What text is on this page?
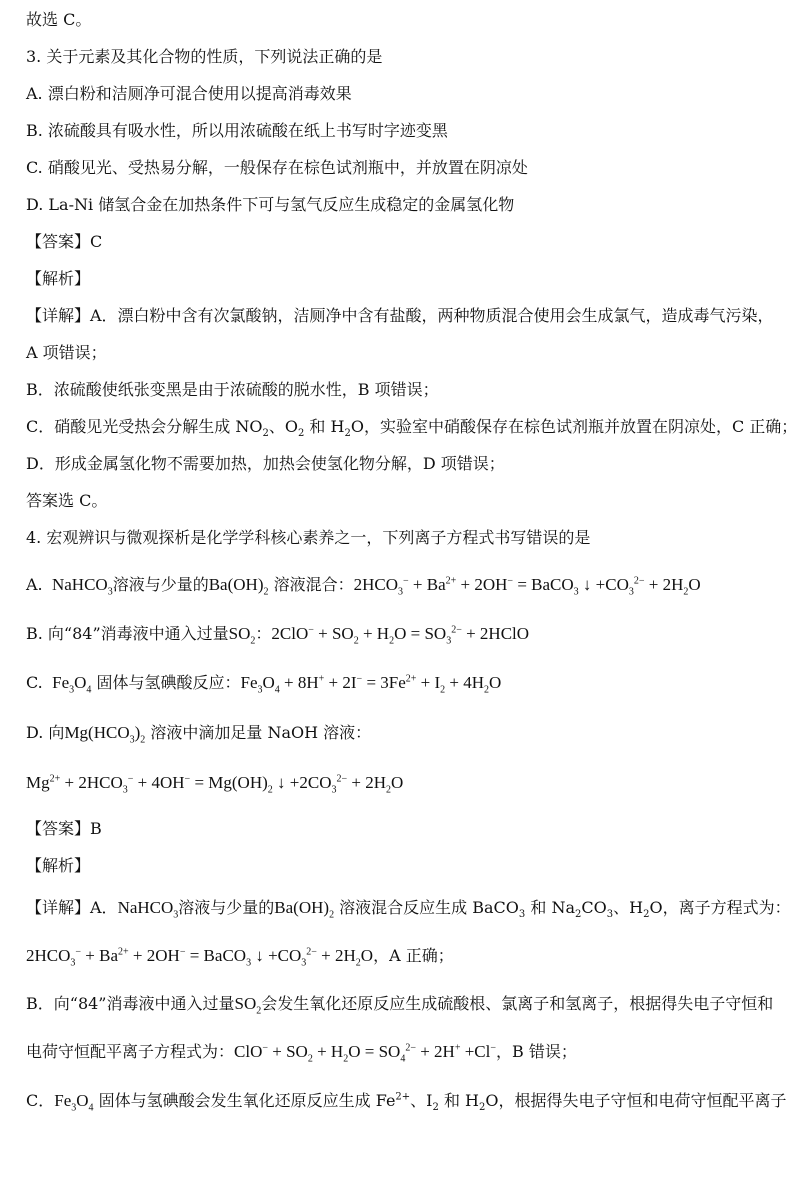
故选 C。
3. 关于元素及其化合物的性质，下列说法正确的是
A. 漂白粉和洁厕净可混合使用以提高消毒效果
B. 浓硫酸具有吸水性，所以用浓硫酸在纸上书写时字迹变黑
C. 硝酸见光、受热易分解，一般保存在棕色试剂瓶中，并放置在阴凉处
D. La-Ni 储氢合金在加热条件下可与氢气反应生成稳定的金属氢化物
【答案】C
【解析】
【详解】A．漂白粉中含有次氯酸钠，洁厕净中含有盐酸，两种物质混合使用会生成氯气，造成毒气污染，
A 项错误；
B．浓硫酸使纸张变黑是由于浓硫酸的脱水性，B 项错误；
C．硝酸见光受热会分解生成 $NO_2$、$O_2$ 和 $H_2O$，实验室中硝酸保存在棕色试剂瓶并放置在阴凉处，C 正确；
D．形成金属氢化物不需要加热，加热会使氢化物分解，D 项错误；
答案选 C。
4. 宏观辨识与微观探析是化学学科核心素养之一，下列离子方程式书写错误的是
A.  NaHCO$_3$溶液与少量的$Ba(OH)_2$ 溶液混合：$2HCO_3^- + Ba^{2+} + 2OH^-$ = BaCO$_3$ ↓ $+CO_3^{2-} + 2H_2O$
B. 向“84”消毒液中通入过量$SO_2$：$2ClO^- + SO_2 + H_2O = SO_3^{2-}$ + 2HClO
C.  $Fe_3O_4$ 固体与氢碘酸反应：$Fe_3O_4 + 8H^+ + 2I^- = 3Fe^{2+} + I_2 + 4H_2O$
D. 向$Mg(HCO_3)_2$ 溶液中滴加足量 NaOH 溶液：
$Mg^{2+} + 2HCO_3^- + 4OH^- = Mg(OH)_2$ ↓ $+2CO_3^{2-} + 2H_2O$
【答案】B
【解析】
【详解】A．NaHCO$_3$溶液与少量的$Ba(OH)_2$ 溶液混合反应生成 BaCO$_3$ 和 $Na_2CO_3$、$H_2O$，离子方程式为：
$2HCO_3^- + Ba^{2+} + 2OH^-$ = BaCO$_3$ ↓ $+CO_3^{2-} + 2H_2O$，A 正确；
B．向“84”消毒液中通入过量$SO_2$会发生氧化还原反应生成硫酸根、氯离子和氢离子，根据得失电子守恒和
电荷守恒配平离子方程式为：$ClO^- + SO_2 + H_2O = SO_4^{2-} + 2H^+ +Cl^-$，B 错误；
C．$Fe_3O_4$ 固体与氢碘酸会发生氧化还原反应生成 $Fe^{2+}$、$I_2$ 和 $H_2O$，根据得失电子守恒和电荷守恒配平离子
